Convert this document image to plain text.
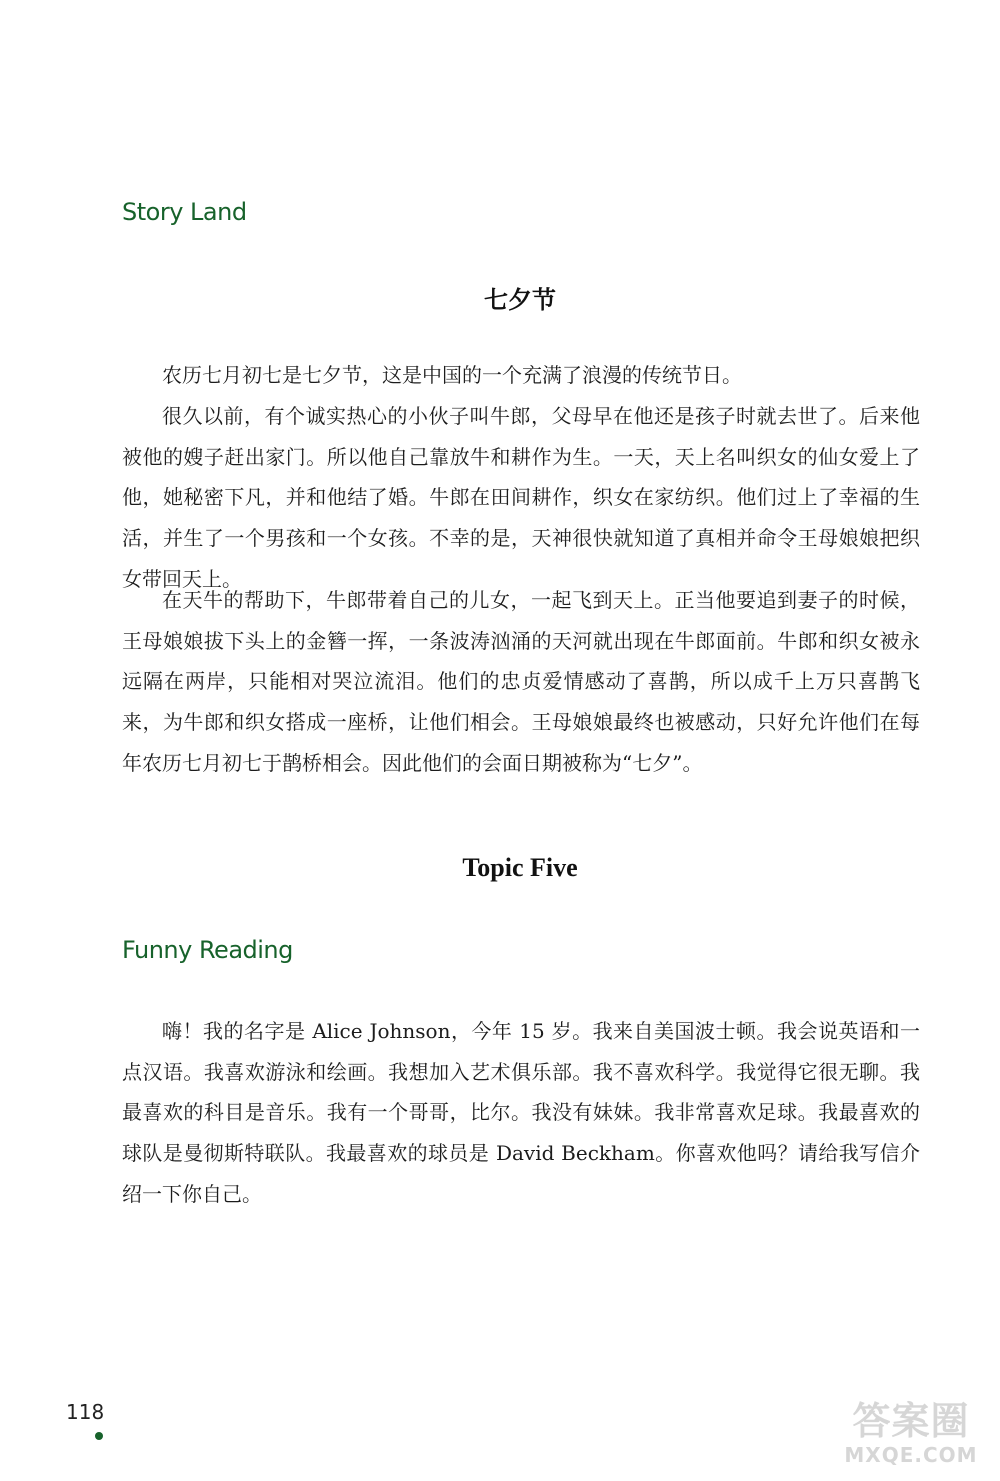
Story Land
七夕节

农历七月初七是七夕节，这是中国的一个充满了浪漫的传统节日。

很久以前，有个诚实热心的小伙子叫牛郎，父母早在他还是孩子时就去世了。后来他被他的嫂子赶出家门。所以他自己靠放牛和耕作为生。一天，天上名叫织女的仙女爱上了他，她秘密下凡，并和他结了婚。牛郎在田间耕作，织女在家纺织。他们过上了幸福的生活，并生了一个男孩和一个女孩。不幸的是，天神很快就知道了真相并命令王母娘娘把织女带回天上。

在天牛的帮助下，牛郎带着自己的儿女，一起飞到天上。正当他要追到妻子的时候，王母娘娘拔下头上的金簪一挥，一条波涛汹涌的天河就出现在牛郎面前。牛郎和织女被永远隔在两岸，只能相对哭泣流泪。他们的忠贞爱情感动了喜鹊，所以成千上万只喜鹊飞来，为牛郎和织女搭成一座桥，让他们相会。王母娘娘最终也被感动，只好允许他们在每年农历七月初七于鹊桥相会。因此他们的会面日期被称为“七夕”。

Topic Five
Funny Reading

嗨！我的名字是 Alice Johnson，今年 15 岁。我来自美国波士顿。我会说英语和一点汉语。我喜欢游泳和绘画。我想加入艺术俱乐部。我不喜欢科学。我觉得它很无聊。我最喜欢的科目是音乐。我有一个哥哥，比尔。我没有妹妹。我非常喜欢足球。我最喜欢的球队是曼彻斯特联队。我最喜欢的球员是 David Beckham。你喜欢他吗？请给我写信介绍一下你自己。

118	答案圈
MXQE.COM
